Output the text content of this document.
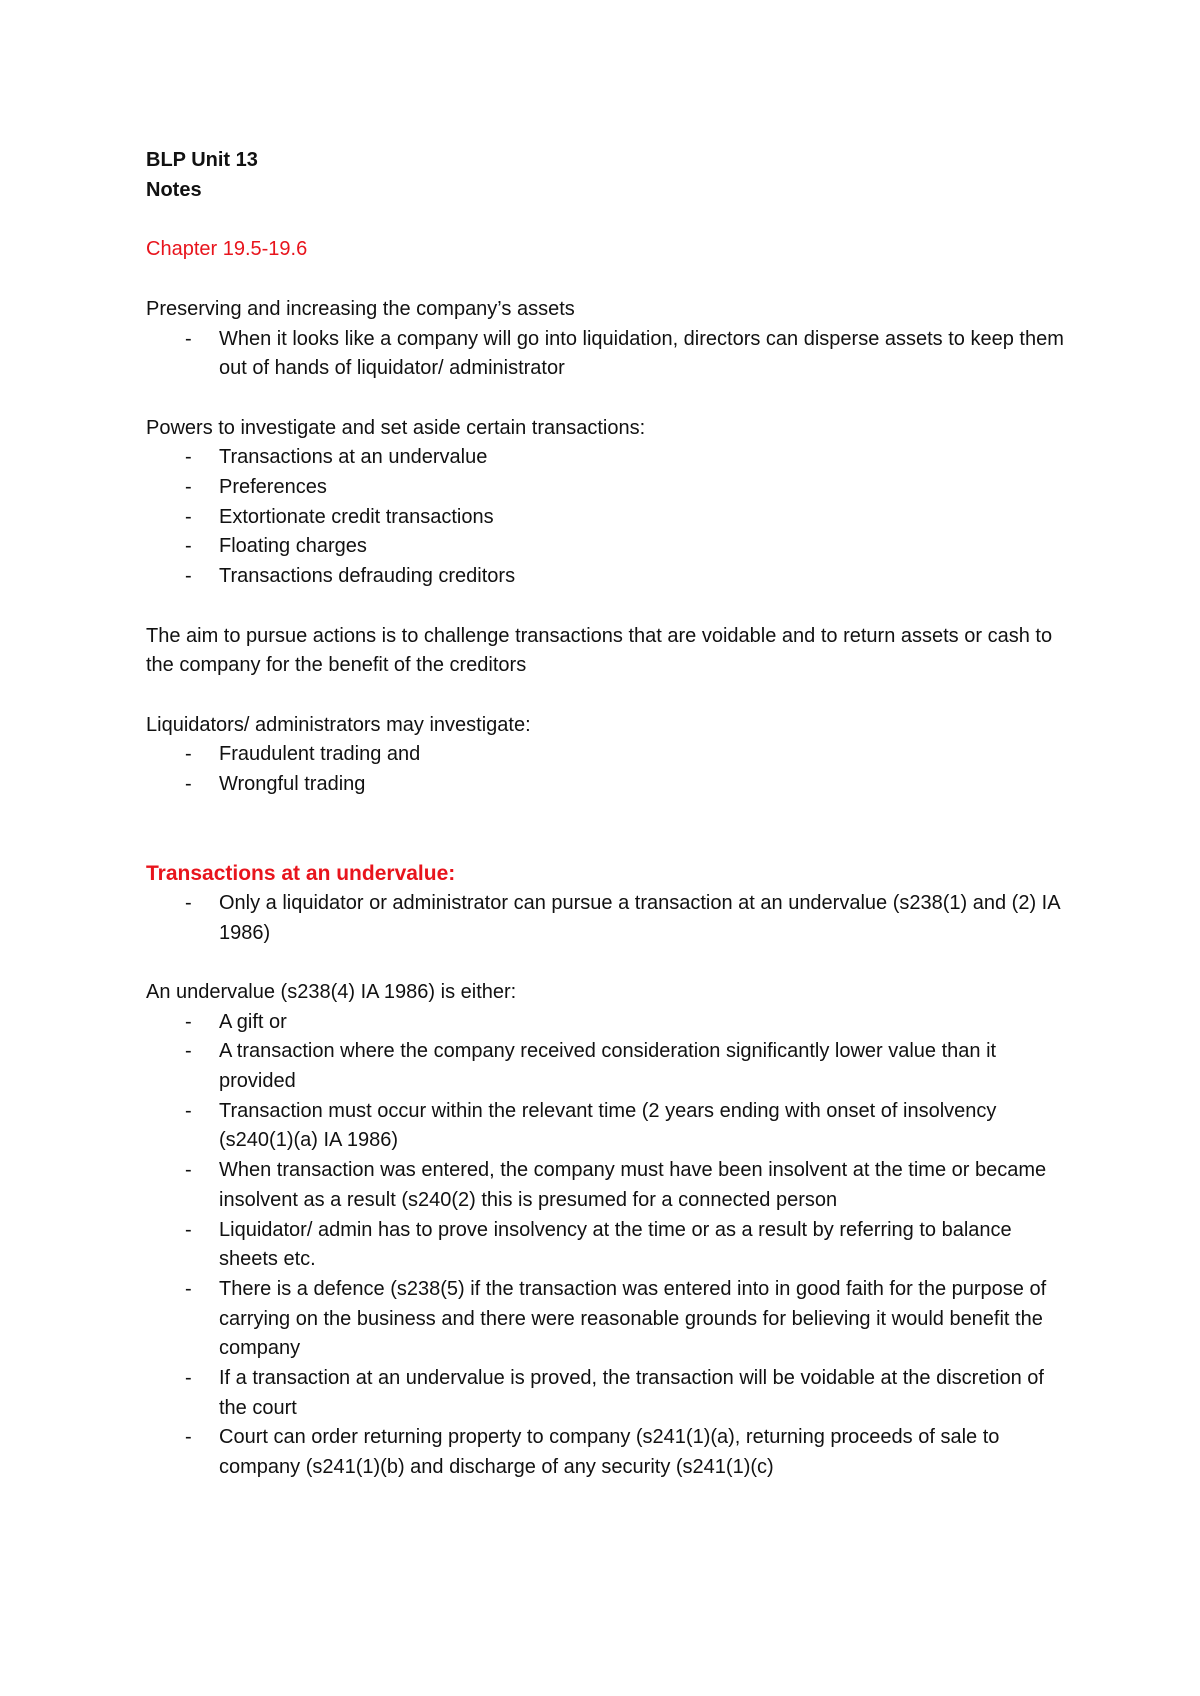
BLP Unit 13

Notes

Chapter 19.5-19.6

Preserving and increasing the company’s assets

- When it looks like a company will go into liquidation, directors can disperse assets to keep them out of hands of liquidator/ administrator

Powers to investigate and set aside certain transactions:

- Transactions at an undervalue
- Preferences
- Extortionate credit transactions
- Floating charges
- Transactions defrauding creditors

The aim to pursue actions is to challenge transactions that are voidable and to return assets or cash to the company for the benefit of the creditors

Liquidators/ administrators may investigate:

- Fraudulent trading and
- Wrongful trading

Transactions at an undervalue:

- Only a liquidator or administrator can pursue a transaction at an undervalue (s238(1) and (2) IA 1986)

An undervalue (s238(4) IA 1986) is either:

- A gift or
- A transaction where the company received consideration significantly lower value than it provided
- Transaction must occur within the relevant time (2 years ending with onset of insolvency (s240(1)(a) IA 1986)
- When transaction was entered, the company must have been insolvent at the time or became insolvent as a result (s240(2) this is presumed for a connected person
- Liquidator/ admin has to prove insolvency at the time or as a result by referring to balance sheets etc.
- There is a defence (s238(5) if the transaction was entered into in good faith for the purpose of carrying on the business and there were reasonable grounds for believing it would benefit the company
- If a transaction at an undervalue is proved, the transaction will be voidable at the discretion of the court
- Court can order returning property to company (s241(1)(a), returning proceeds of sale to company (s241(1)(b) and discharge of any security (s241(1)(c)
